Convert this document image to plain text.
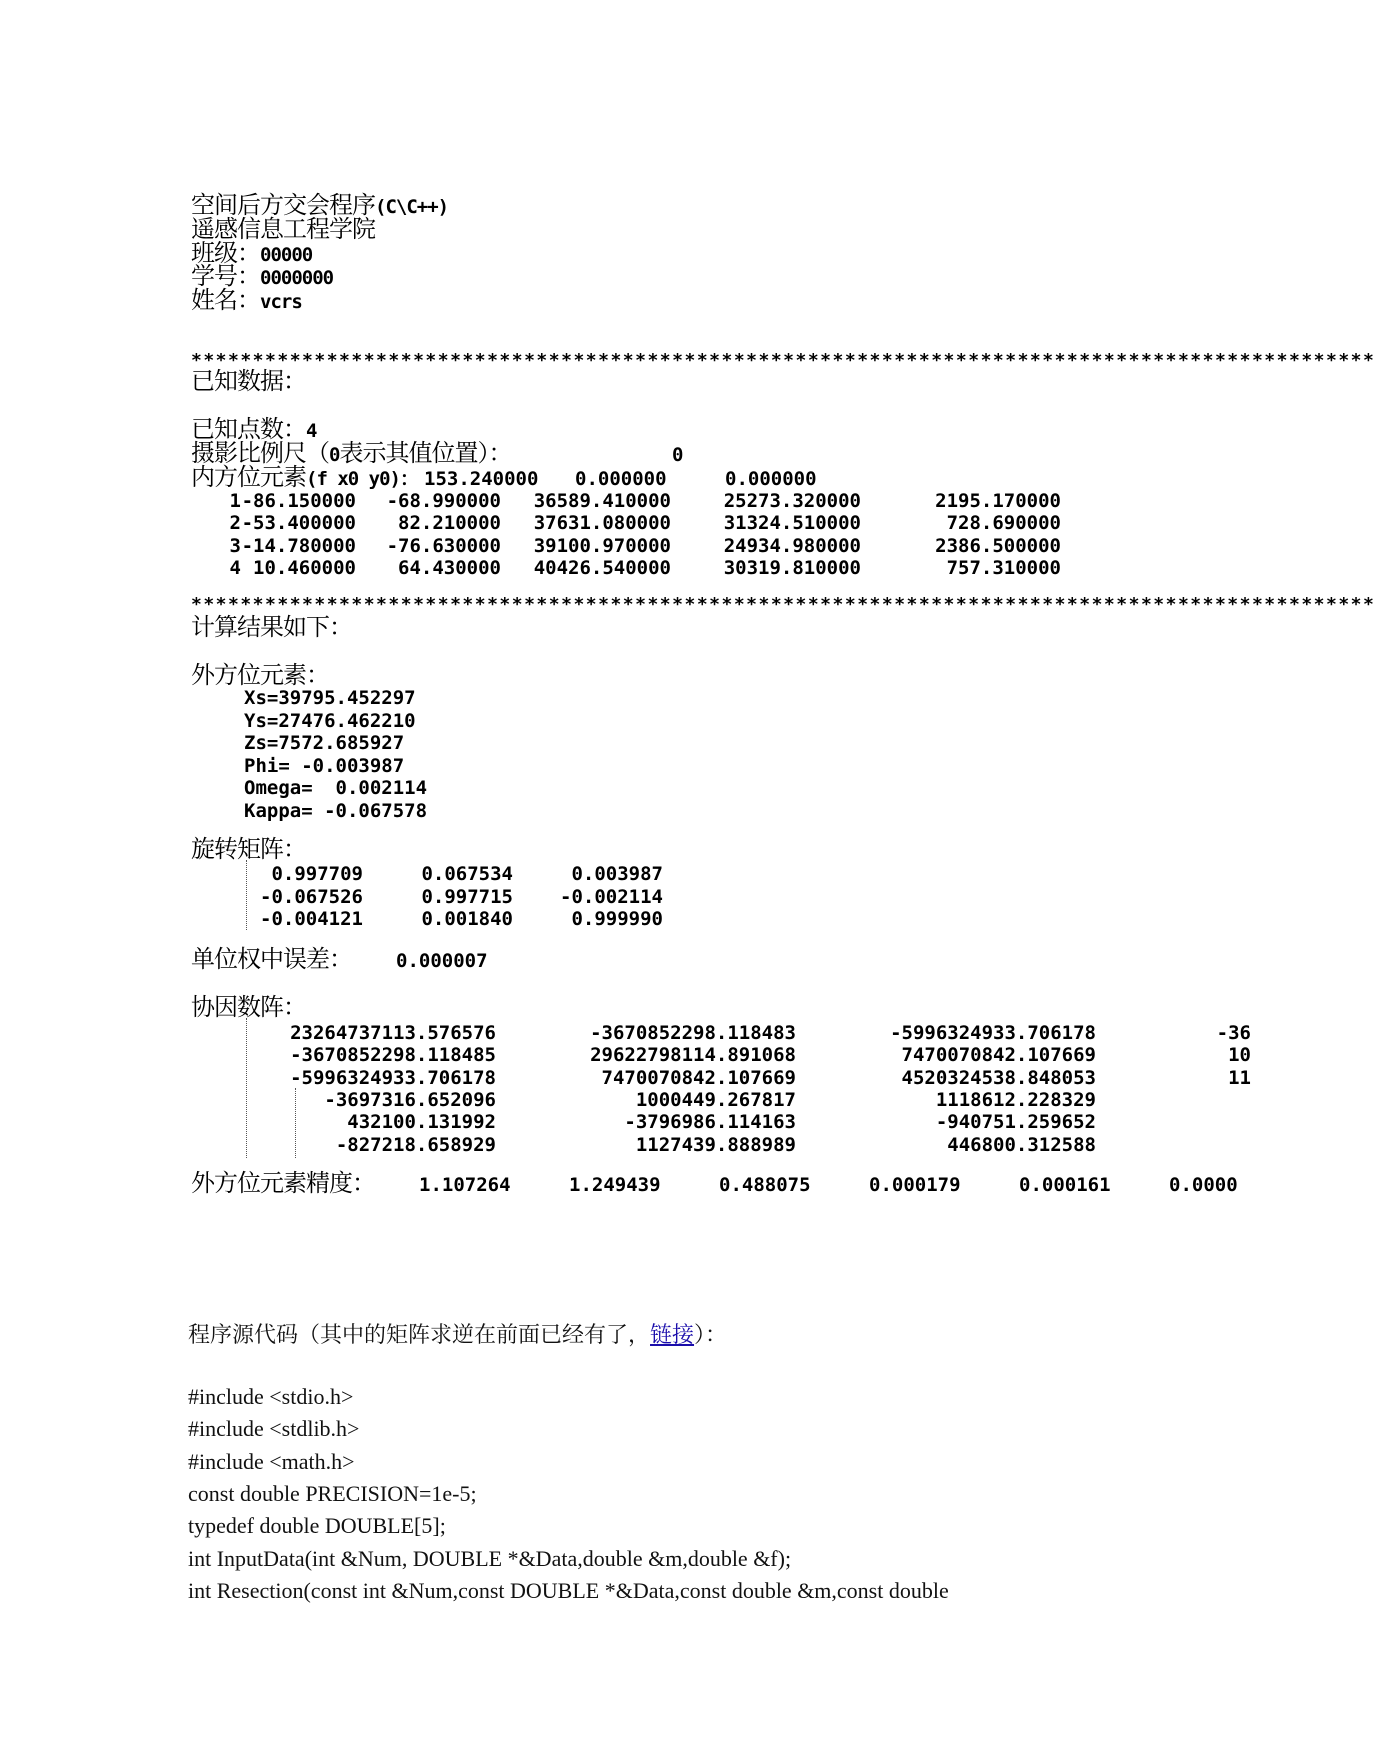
空间后方交会程序(C\C++)
遥感信息工程学院
班级：00000
学号：0000000
姓名：vcrs
************************************************************************************************
已知数据：
已知点数：4
摄影比例尺（0表示其值位置）：	0
内方位元素(f x0 y0)： 153.240000 0.000000	0.000000
1 -86.150000 -68.990000 36589.410000	25273.320000	2195.170000
2 -53.400000 82.210000 37631.080000	31324.510000	728.690000
3 -14.780000 -76.630000 39100.970000	24934.980000	2386.500000
4 10.460000 64.430000 40426.540000	30319.810000	757.310000
************************************************************************************************
计算结果如下：
外方位元素：
Xs=39795.452297
Ys=27476.462210
Zs=7572.685927
Phi= -0.003987
Omega=  0.002114
Kappa= -0.067578
旋转矩阵：
0.997709	0.067534	0.003987
-0.067526	0.997715 -0.002114
-0.004121	0.001840	0.999990
单位权中误差： 0.000007
协因数阵：
23264737113.576576	-3670852298.118483	-5996324933.706178	-36
-3670852298.118485	29622798114.891068	7470070842.107669	10
-5996324933.706178	7470070842.107669	4520324538.848053	11
-3697316.652096	1000449.267817	1118612.228329
432100.131992	-3796986.114163	-940751.259652
-827218.658929	1127439.888989	446800.312588
外方位元素精度： 1.107264	1.249439	0.488075	0.000179	0.000161	0.0000
程序源代码（其中的矩阵求逆在前面已经有了，链接）：
#include <stdio.h>
#include <stdlib.h>
#include <math.h>
const double PRECISION=1e-5;
typedef double DOUBLE[5];
int InputData(int &Num, DOUBLE *&Data,double &m,double &f);
int Resection(const int &Num,const DOUBLE *&Data,const double &m,const double
